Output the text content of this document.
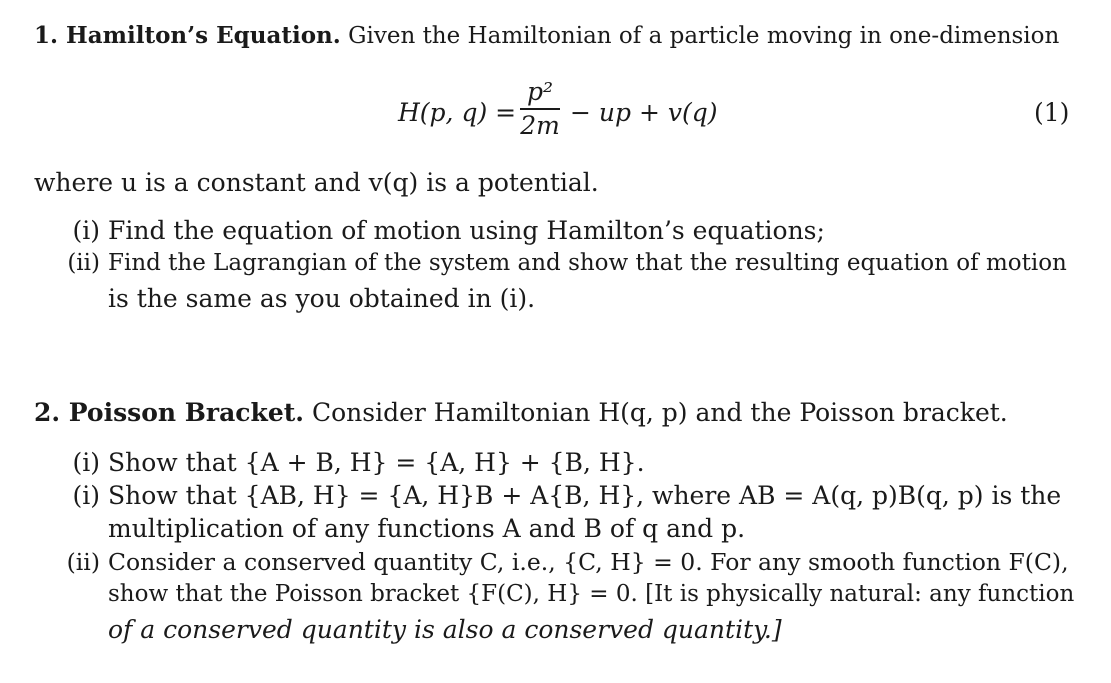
1. Hamilton’s Equation. Given the Hamiltonian of a particle moving in one-dimension
H(p, q) =
p²
2m − up + v(q)	(1)
where u is a constant and v(q) is a potential.
(i) Find the equation of motion using Hamilton’s equations;
(ii) Find the Lagrangian of the system and show that the resulting equation of motion
is the same as you obtained in (i).
2. Poisson Bracket. Consider Hamiltonian H(q, p) and the Poisson bracket.
(i) Show that {A + B, H} = {A, H} + {B, H}.
(i) Show that {AB, H} = {A, H}B + A{B, H}, where AB = A(q, p)B(q, p) is the
multiplication of any functions A and B of q and p.
(ii) Consider a conserved quantity C, i.e., {C, H} = 0. For any smooth function F(C),
show that the Poisson bracket {F(C), H} = 0. [It is physically natural: any function
of a conserved quantity is also a conserved quantity.]
